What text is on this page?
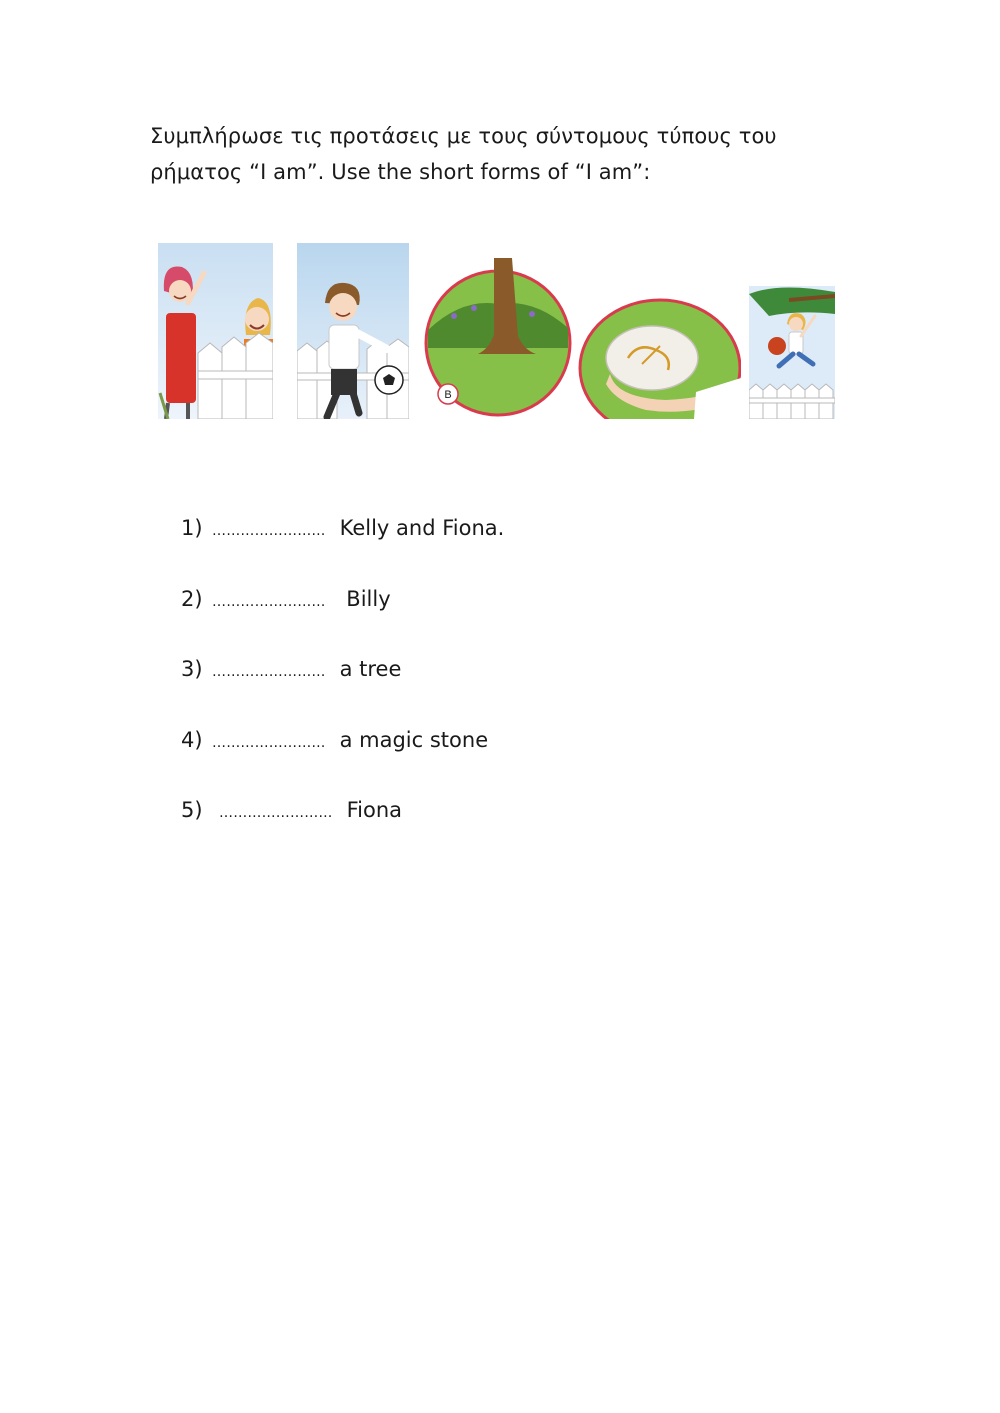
Συμπλήρωσε τις προτάσεις με τους σύντομους τύπους του
ρήματος “I am”. Use the short forms of “I am”:
B
1) …………………… Kelly and Fiona.
2) …………………… Billy
3) …………………… a tree
4) …………………… a magic stone
5) …………………… Fiona
